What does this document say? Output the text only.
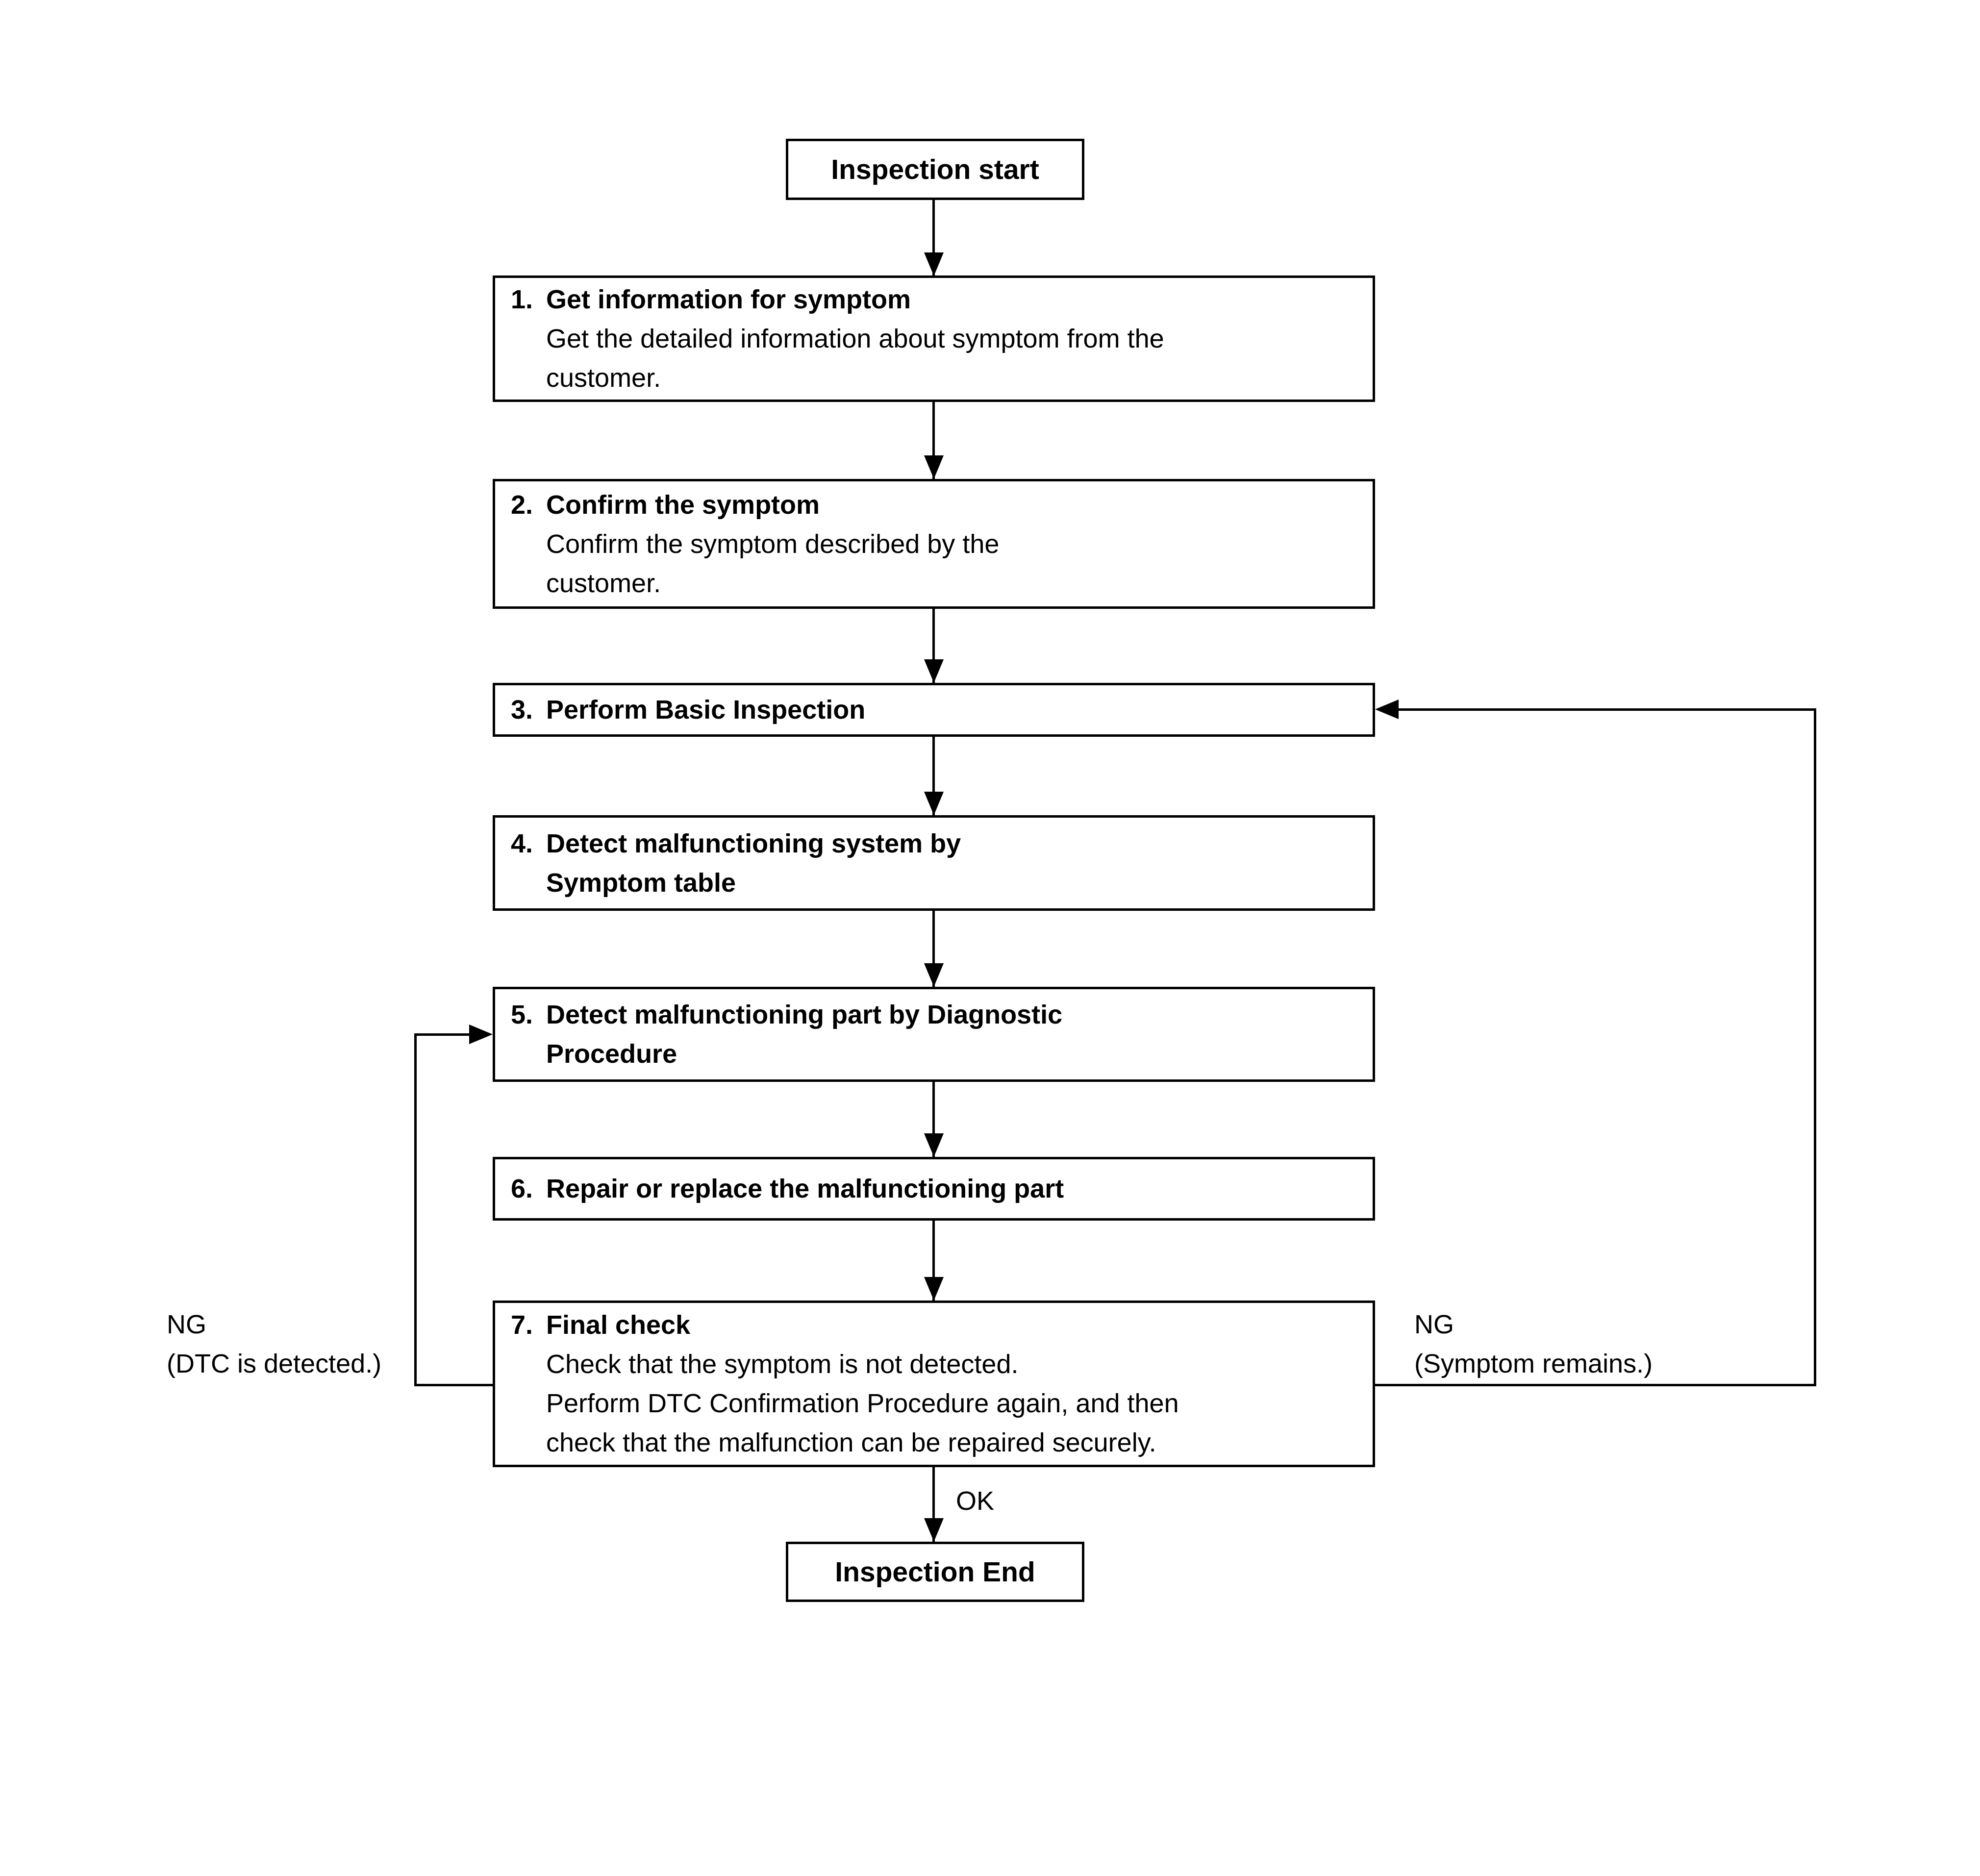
Inspection start
1. Get information for symptom
Get the detailed information about symptom from the
customer.
2. Confirm the symptom
Confirm the symptom described by the
customer.
3. Perform Basic Inspection
4. Detect malfunctioning system by
Symptom table
5. Detect malfunctioning part by Diagnostic
Procedure
6. Repair or replace the malfunctioning part
7. Final check
Check that the symptom is not detected.
Perform DTC Confirmation Procedure again, and then
check that the malfunction can be repaired securely.
Inspection End
NG
(DTC is detected.)
NG
(Symptom remains.)
OK
